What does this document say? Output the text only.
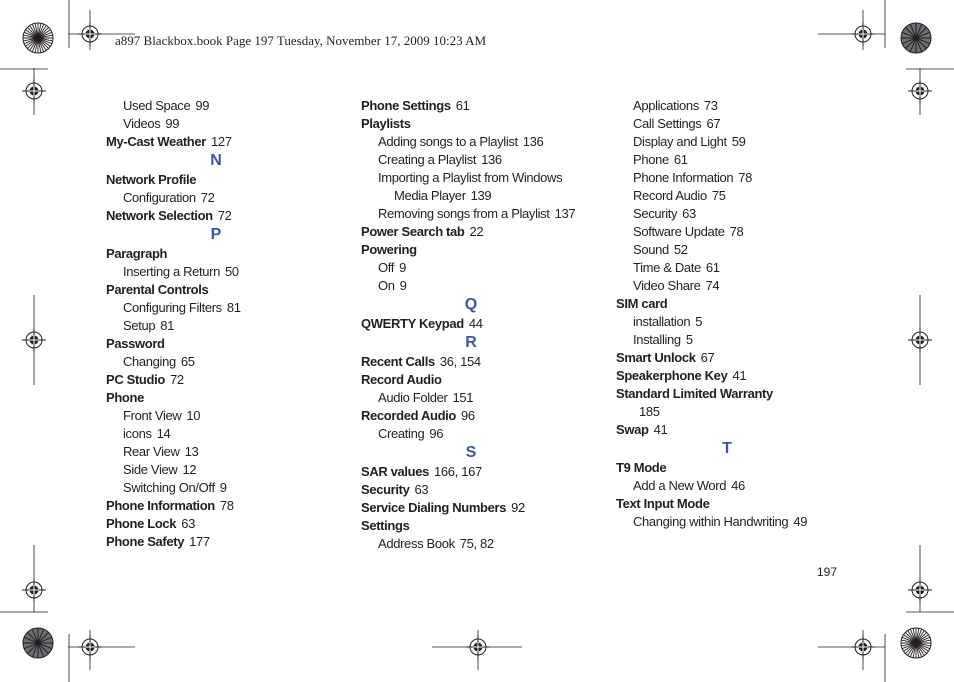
a897 Blackbox.book Page 197 Tuesday, November 17, 2009 10:23 AM
Used Space 99
Videos 99
My-Cast Weather 127
N
Network Profile
Configuration 72
Network Selection 72
P
Paragraph
Inserting a Return 50
Parental Controls
Configuring Filters 81
Setup 81
Password
Changing 65
PC Studio 72
Phone
Front View 10
icons 14
Rear View 13
Side View 12
Switching On/Off 9
Phone Information 78
Phone Lock 63
Phone Safety 177
Phone Settings 61
Playlists
Adding songs to a Playlist 136
Creating a Playlist 136
Importing a Playlist from Windows
Media Player 139
Removing songs from a Playlist 137
Power Search tab 22
Powering
Off 9
On 9
Q
QWERTY Keypad 44
R
Recent Calls 36, 154
Record Audio
Audio Folder 151
Recorded Audio 96
Creating 96
S
SAR values 166, 167
Security 63
Service Dialing Numbers 92
Settings
Address Book 75, 82
Applications 73
Call Settings 67
Display and Light 59
Phone 61
Phone Information 78
Record Audio 75
Security 63
Software Update 78
Sound 52
Time & Date 61
Video Share 74
SIM card
installation 5
Installing 5
Smart Unlock 67
Speakerphone Key 41
Standard Limited Warranty
185
Swap 41
T
T9 Mode
Add a New Word 46
Text Input Mode
Changing within Handwriting 49
197
